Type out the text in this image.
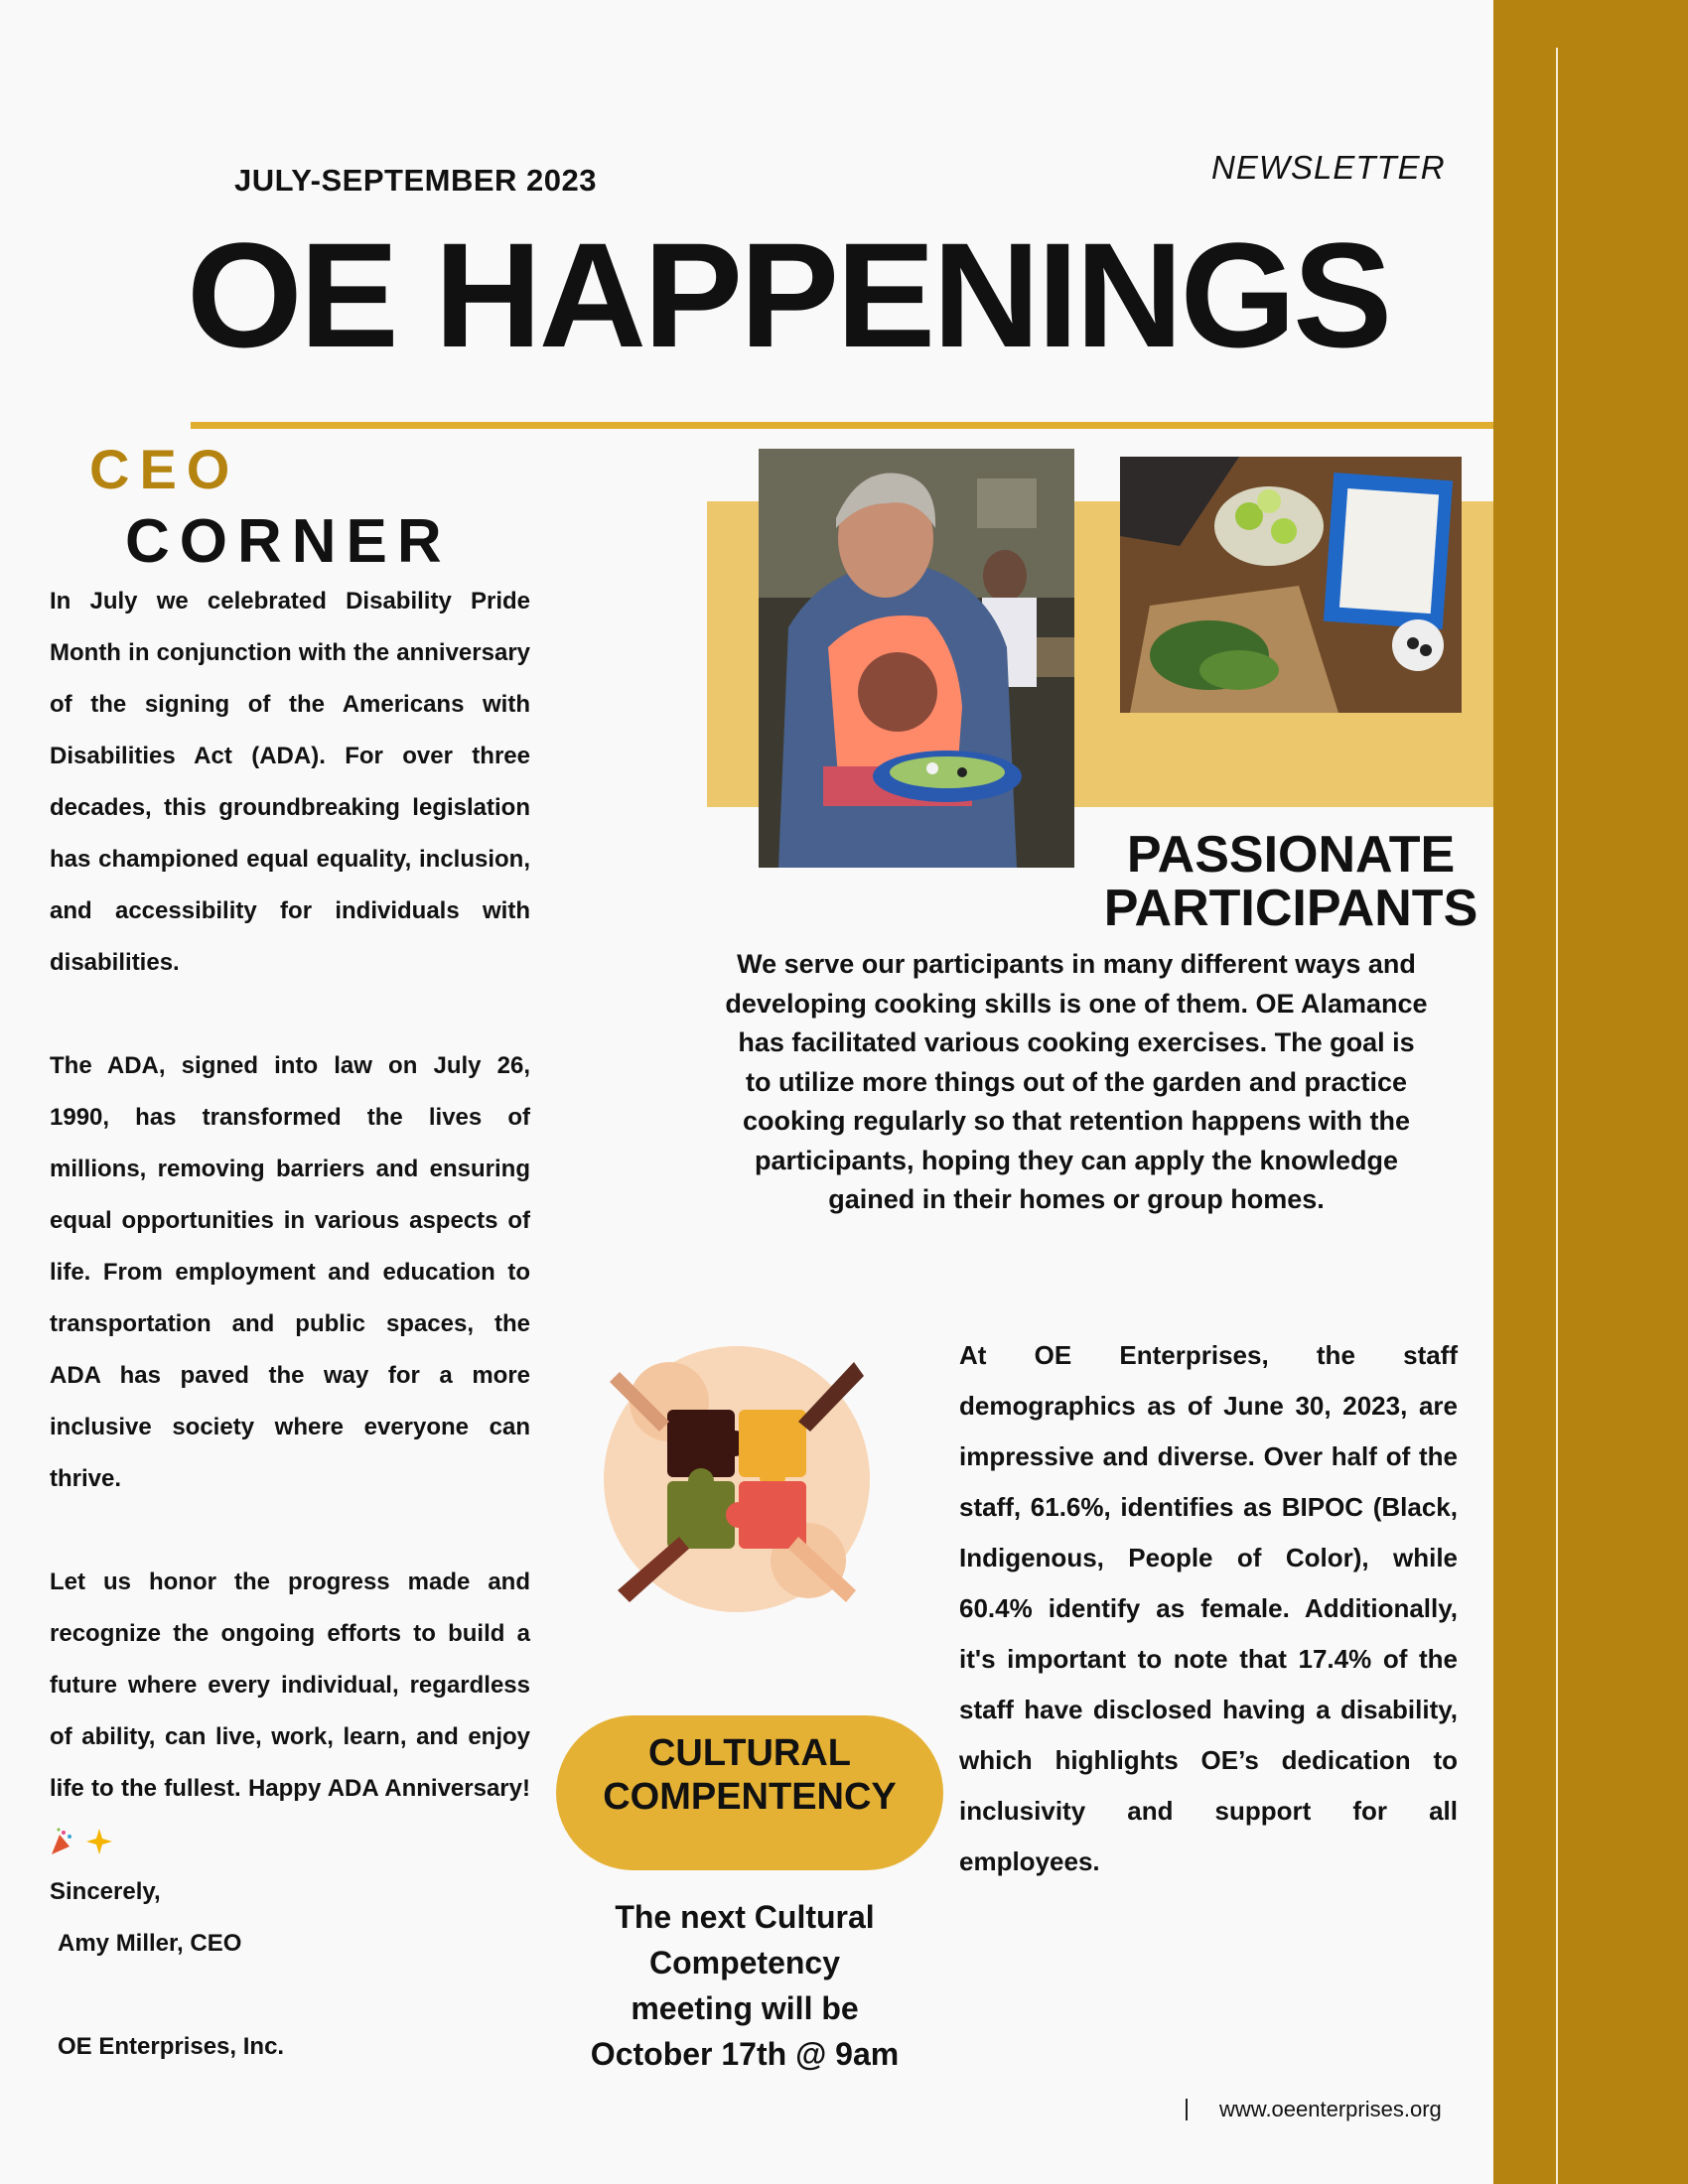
JULY-SEPTEMBER 2023	NEWSLETTER
OE HAPPENINGS
CEO
CORNER

In July we celebrated Disability Pride Month in conjunction with the anniversary of the signing of the Americans with Disabilities Act (ADA). For over three decades, this groundbreaking legislation has championed equal equality, inclusion, and accessibility for individuals with disabilities.

The ADA, signed into law on July 26, 1990, has transformed the lives of millions, removing barriers and ensuring equal opportunities in various aspects of life. From employment and education to transportation and public spaces, the ADA has paved the way for a more inclusive society where everyone can thrive.

Let us honor the progress made and recognize the ongoing efforts to build a future where every individual, regardless of ability, can live, work, learn, and enjoy life to the fullest. Happy ADA Anniversary!

Sincerely,

Amy Miller, CEO

OE Enterprises, Inc.

PASSIONATE
PARTICIPANTS
We serve our participants in many different ways and developing cooking skills is one of them. OE Alamance has facilitated various cooking exercises. The goal is to utilize more things out of the garden and practice cooking regularly so that retention happens with the participants, hoping they can apply the knowledge gained in their homes or group homes.
CULTURAL
COMPENTENCY
The next Cultural Competency meeting will be October 17th @ 9am
At OE Enterprises, the staff demographics as of June 30, 2023, are impressive and diverse. Over half of the staff, 61.6%, identifies as BIPOC (Black, Indigenous, People of Color), while 60.4% identify as female. Additionally, it's important to note that 17.4% of the staff have disclosed having a disability, which highlights OE’s dedication to inclusivity and support for all employees.
www.oeenterprises.org
